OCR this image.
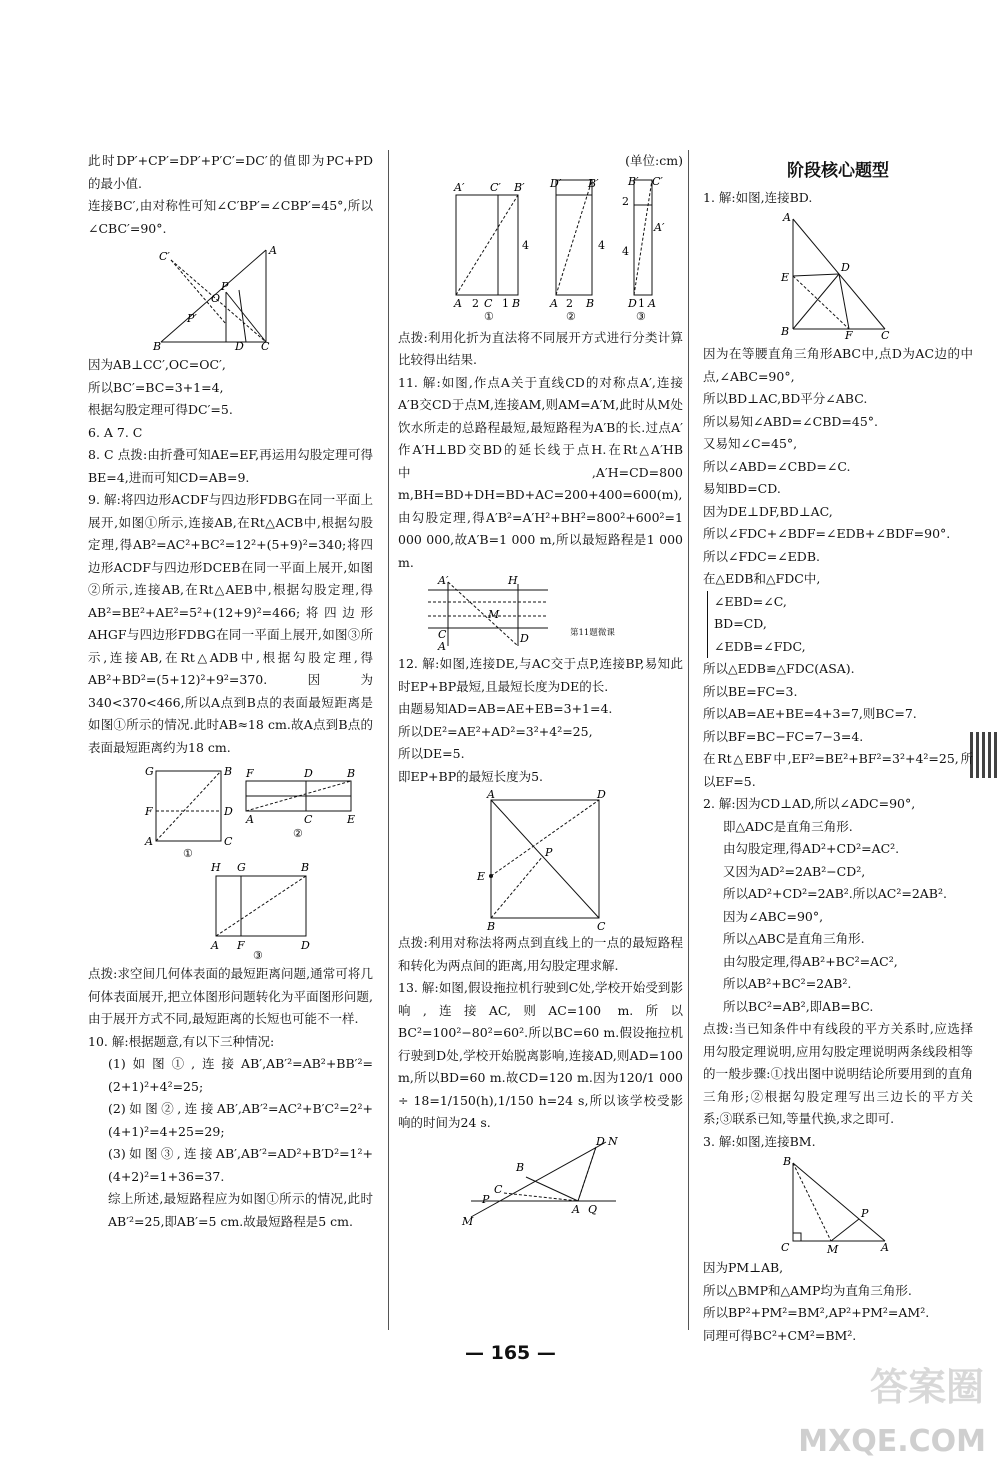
此时DP′+CP′=DP′+P′C′=DC′的值即为PC+PD的最小值.

连接BC′,由对称性可知∠C′BP′=∠CBP′=45°,所以∠CBC′=90°.

C′	A
P
O
P′
D C
B

因为AB⊥CC′,OC=OC′,

所以BC′=BC=3+1=4,

根据勾股定理可得DC′=5.

6. A 7. C

8. C 点拨:由折叠可知AE=EF,再运用勾股定理可得BE=4,进而可知CD=AB=9.

9. 解:将四边形ACDF与四边形FDBG在同一平面上展开,如图①所示,连接AB,在Rt△ACB中,根据勾股定理,得AB²=AC²+BC²=12²+(5+9)²=340;将四边形ACDF与四边形DCEB在同一平面上展开,如图②所示,连接AB,在Rt△AEB中,根据勾股定理,得AB²=BE²+AE²=5²+(12+9)²=466;将四边形AHGF与四边形FDBG在同一平面上展开,如图③所示,连接AB,在Rt△ADB中,根据勾股定理,得AB²+BD²=(5+12)²+9²=370.因为340<370<466,所以A点到B点的表面最短距离是如图①所示的情况.此时AB≈18 cm.故A点到B点的表面最短距离约为18 cm.

G	B
F	D
A	C
①
F	D	B
A	C	E
②
H G	B
A F	D
③

点拨:求空间几何体表面的最短距离问题,通常可将几何体表面展开,把立体图形问题转化为平面图形问题,由于展开方式不同,最短距离的长短也可能不一样.

10. 解:根据题意,有以下三种情况:

(1)如图①,连接AB′,AB′²=AB²+BB′²=(2+1)²+4²=25;

(2)如图②,连接AB′,AB′²=AC²+B′C²=2²+(4+1)²=4+25=29;

(3)如图③,连接AB′,AB′²=AD²+B′D²=1²+(4+2)²=1+36=37.

综上所述,最短路程应为如图①所示的情况,此时AB′²=25,即AB′=5 cm.故最短路程是5 cm.

(单位:cm)

A′ C′ B′
4
A 2 C 1 B
①
D′ B′
4
A 2 B
②
B′ C′
2
4
A′
D 1 A
③

点拨:利用化折为直法将不同展开方式进行分类计算比较得出结果.

11. 解:如图,作点A关于直线CD的对称点A′,连接A′B交CD于点M,连接AM,则AM=A′M,此时从M处饮水所走的总路程最短,最短路程为A′B的长.过点A′作A′H⊥BD交BD的延长线于点H.在Rt△A′HB中,A′H=CD=800 m,BH=BD+DH=BD+AC=200+400=600(m),由勾股定理,得A′B²=A′H²+BH²=800²+600²=1 000 000,故A′B=1 000 m,所以最短路程是1 000 m.

A′	H
M
C
A
D	第11题微课

12. 解:如图,连接DE,与AC交于点P,连接BP,易知此时EP+BP最短,且最短长度为DE的长.

由题易知AD=AB=AE+EB=3+1=4.

所以DE²=AE²+AD²=3²+4²=25,

所以DE=5.

即EP+BP的最短长度为5.

A	D
E
P
B	C

点拨:利用对称法将两点到直线上的一点的最短路程和转化为两点间的距离,用勾股定理求解.

13. 解:如图,假设拖拉机行驶到C处,学校开始受到影响,连接AC,则AC=100 m.所以BC²=100²−80²=60².所以BC=60 m.假设拖拉机行驶到D处,学校开始脱离影响,连接AD,则AD=100 m,所以BD=60 m.故CD=120 m.因为120/1 000 ÷ 18=1/150(h),1/150 h=24 s,所以该学校受影响的时间为24 s.

D N
B
C
P
A Q
M
阶段核心题型

1. 解:如图,连接BD.

A
D
E
B	F	C

因为在等腰直角三角形ABC中,点D为AC边的中点,∠ABC=90°,

所以BD⊥AC,BD平分∠ABC.

所以易知∠ABD=∠CBD=45°.

又易知∠C=45°,

所以∠ABD=∠CBD=∠C.

易知BD=CD.

因为DE⊥DF,BD⊥AC,

所以∠FDC+∠BDF=∠EDB+∠BDF=90°.

所以∠FDC=∠EDB.

在△EDB和△FDC中,

∠EBD=∠C,

BD=CD,

∠EDB=∠FDC,

所以△EDB≌△FDC(ASA).

所以BE=FC=3.

所以AB=AE+BE=4+3=7,则BC=7.

所以BF=BC−FC=7−3=4.

在Rt△EBF中,EF²=BE²+BF²=3²+4²=25,所以EF=5.

2. 解:因为CD⊥AD,所以∠ADC=90°,

即△ADC是直角三角形.

由勾股定理,得AD²+CD²=AC².

又因为AD²=2AB²−CD²,

所以AD²+CD²=2AB².所以AC²=2AB².

因为∠ABC=90°,

所以△ABC是直角三角形.

由勾股定理,得AB²+BC²=AC²,

所以AB²+BC²=2AB².

所以BC²=AB²,即AB=BC.

点拨:当已知条件中有线段的平方关系时,应选择用勾股定理说明,应用勾股定理说明两条线段相等的一般步骤:①找出图中说明结论所要用到的直角三角形;②根据勾股定理写出三边长的平方关系;③联系已知,等量代换,求之即可.

3. 解:如图,连接BM.

B
P
C	M	A

因为PM⊥AB,

所以△BMP和△AMP均为直角三角形.

所以BP²+PM²=BM²,AP²+PM²=AM².

同理可得BC²+CM²=BM².

— 165 —
答案圈
MXQE.COM
